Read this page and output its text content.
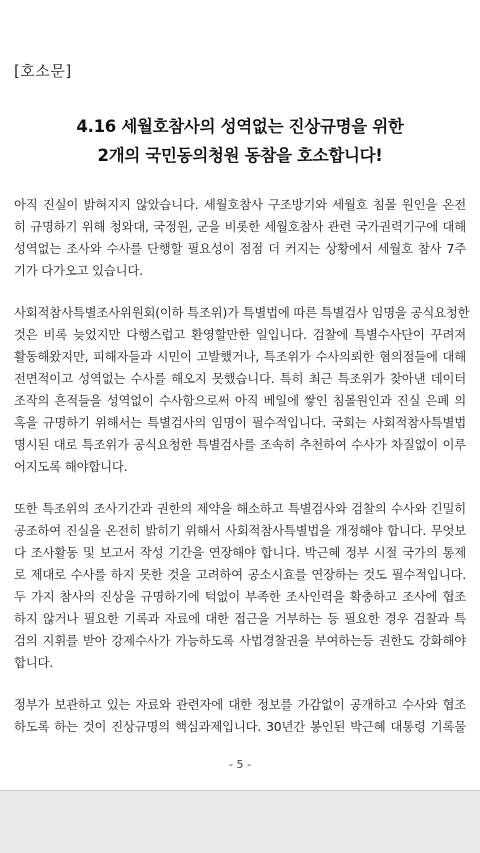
[호소문]
4.16 세월호참사의 성역없는 진상규명을 위한
2개의 국민동의청원 동참을 호소합니다!
아직 진실이 밝혀지지 않았습니다. 세월호참사 구조방기와 세월호 침몰 원인을 온전
히 규명하기 위해 청와대, 국정원, 군을 비롯한 세월호참사 관련 국가권력기구에 대해
성역없는 조사와 수사를 단행할 필요성이 점점 더 커지는 상황에서 세월호 참사 7주
기가 다가오고 있습니다.
사회적참사특별조사위원회(이하 특조위)가 특별법에 따른 특별검사 임명을 공식요청한
것은 비록 늦었지만 다행스럽고 환영할만한 일입니다. 검찰에 특별수사단이 꾸려져
활동해왔지만, 피해자들과 시민이 고발했거나, 특조위가 수사의뢰한 혐의점들에 대해
전면적이고 성역없는 수사를 해오지 못했습니다. 특히 최근 특조위가 찾아낸 데이터
조작의 흔적들을 성역없이 수사함으로써 아직 베일에 쌓인 침몰원인과 진실 은폐 의
혹을 규명하기 위해서는 특별검사의 임명이 필수적입니다. 국회는 사회적참사특별법
명시된 대로 특조위가 공식요청한 특별검사를 조속히 추천하여 수사가 차질없이 이루
어지도록 해야합니다.
또한 특조위의 조사기간과 권한의 제약을 해소하고 특별검사와 검찰의 수사와 긴밀히
공조하여 진실을 온전히 밝히기 위해서 사회적참사특별법을 개정해야 합니다. 무엇보
다 조사활동 및 보고서 작성 기간을 연장해야 합니다. 박근혜 정부 시절 국가의 통제
로 제대로 수사를 하지 못한 것을 고려하여 공소시효를 연장하는 것도 필수적입니다.
두 가지 참사의 진상을 규명하기에 턱없이 부족한 조사인력을 확충하고 조사에 협조
하지 않거나 필요한 기록과 자료에 대한 접근을 거부하는 등 필요한 경우 검찰과 특
검의 지휘를 받아 강제수사가 가능하도록 사법경찰권을 부여하는등 권한도 강화해야
합니다.
정부가 보관하고 있는 자료와 관련자에 대한 정보를 가감없이 공개하고 수사와 협조
하도록 하는 것이 진상규명의 핵심과제입니다. 30년간 봉인된 박근혜 대통령 기록물
- 5 -
